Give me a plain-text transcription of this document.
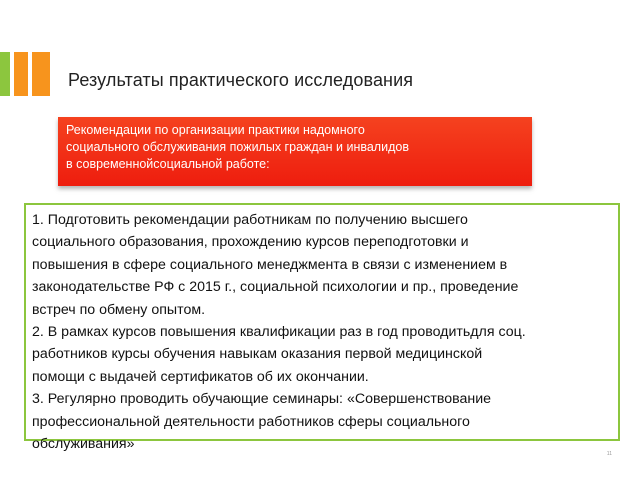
Результаты практического исследования
Рекомендации по организации практики надомного
социального обслуживания пожилых граждан и инвалидов
в современнойсоциальной работе:
1. Подготовить рекомендации работникам по получению высшего
социального образования, прохождению курсов переподготовки и
повышения в сфере социального менеджмента в связи с изменением в
законодательстве РФ с 2015 г., социальной психологии и пр., проведение
встреч по обмену опытом.
2. В рамках курсов повышения квалификации раз в год проводитьдля соц.
работников курсы обучения навыкам оказания первой медицинской
помощи с выдачей сертификатов об их окончании.
3. Регулярно проводить обучающие семинары: «Совершенствование
профессиональной деятельности работников сферы социального
обслуживания»
11
